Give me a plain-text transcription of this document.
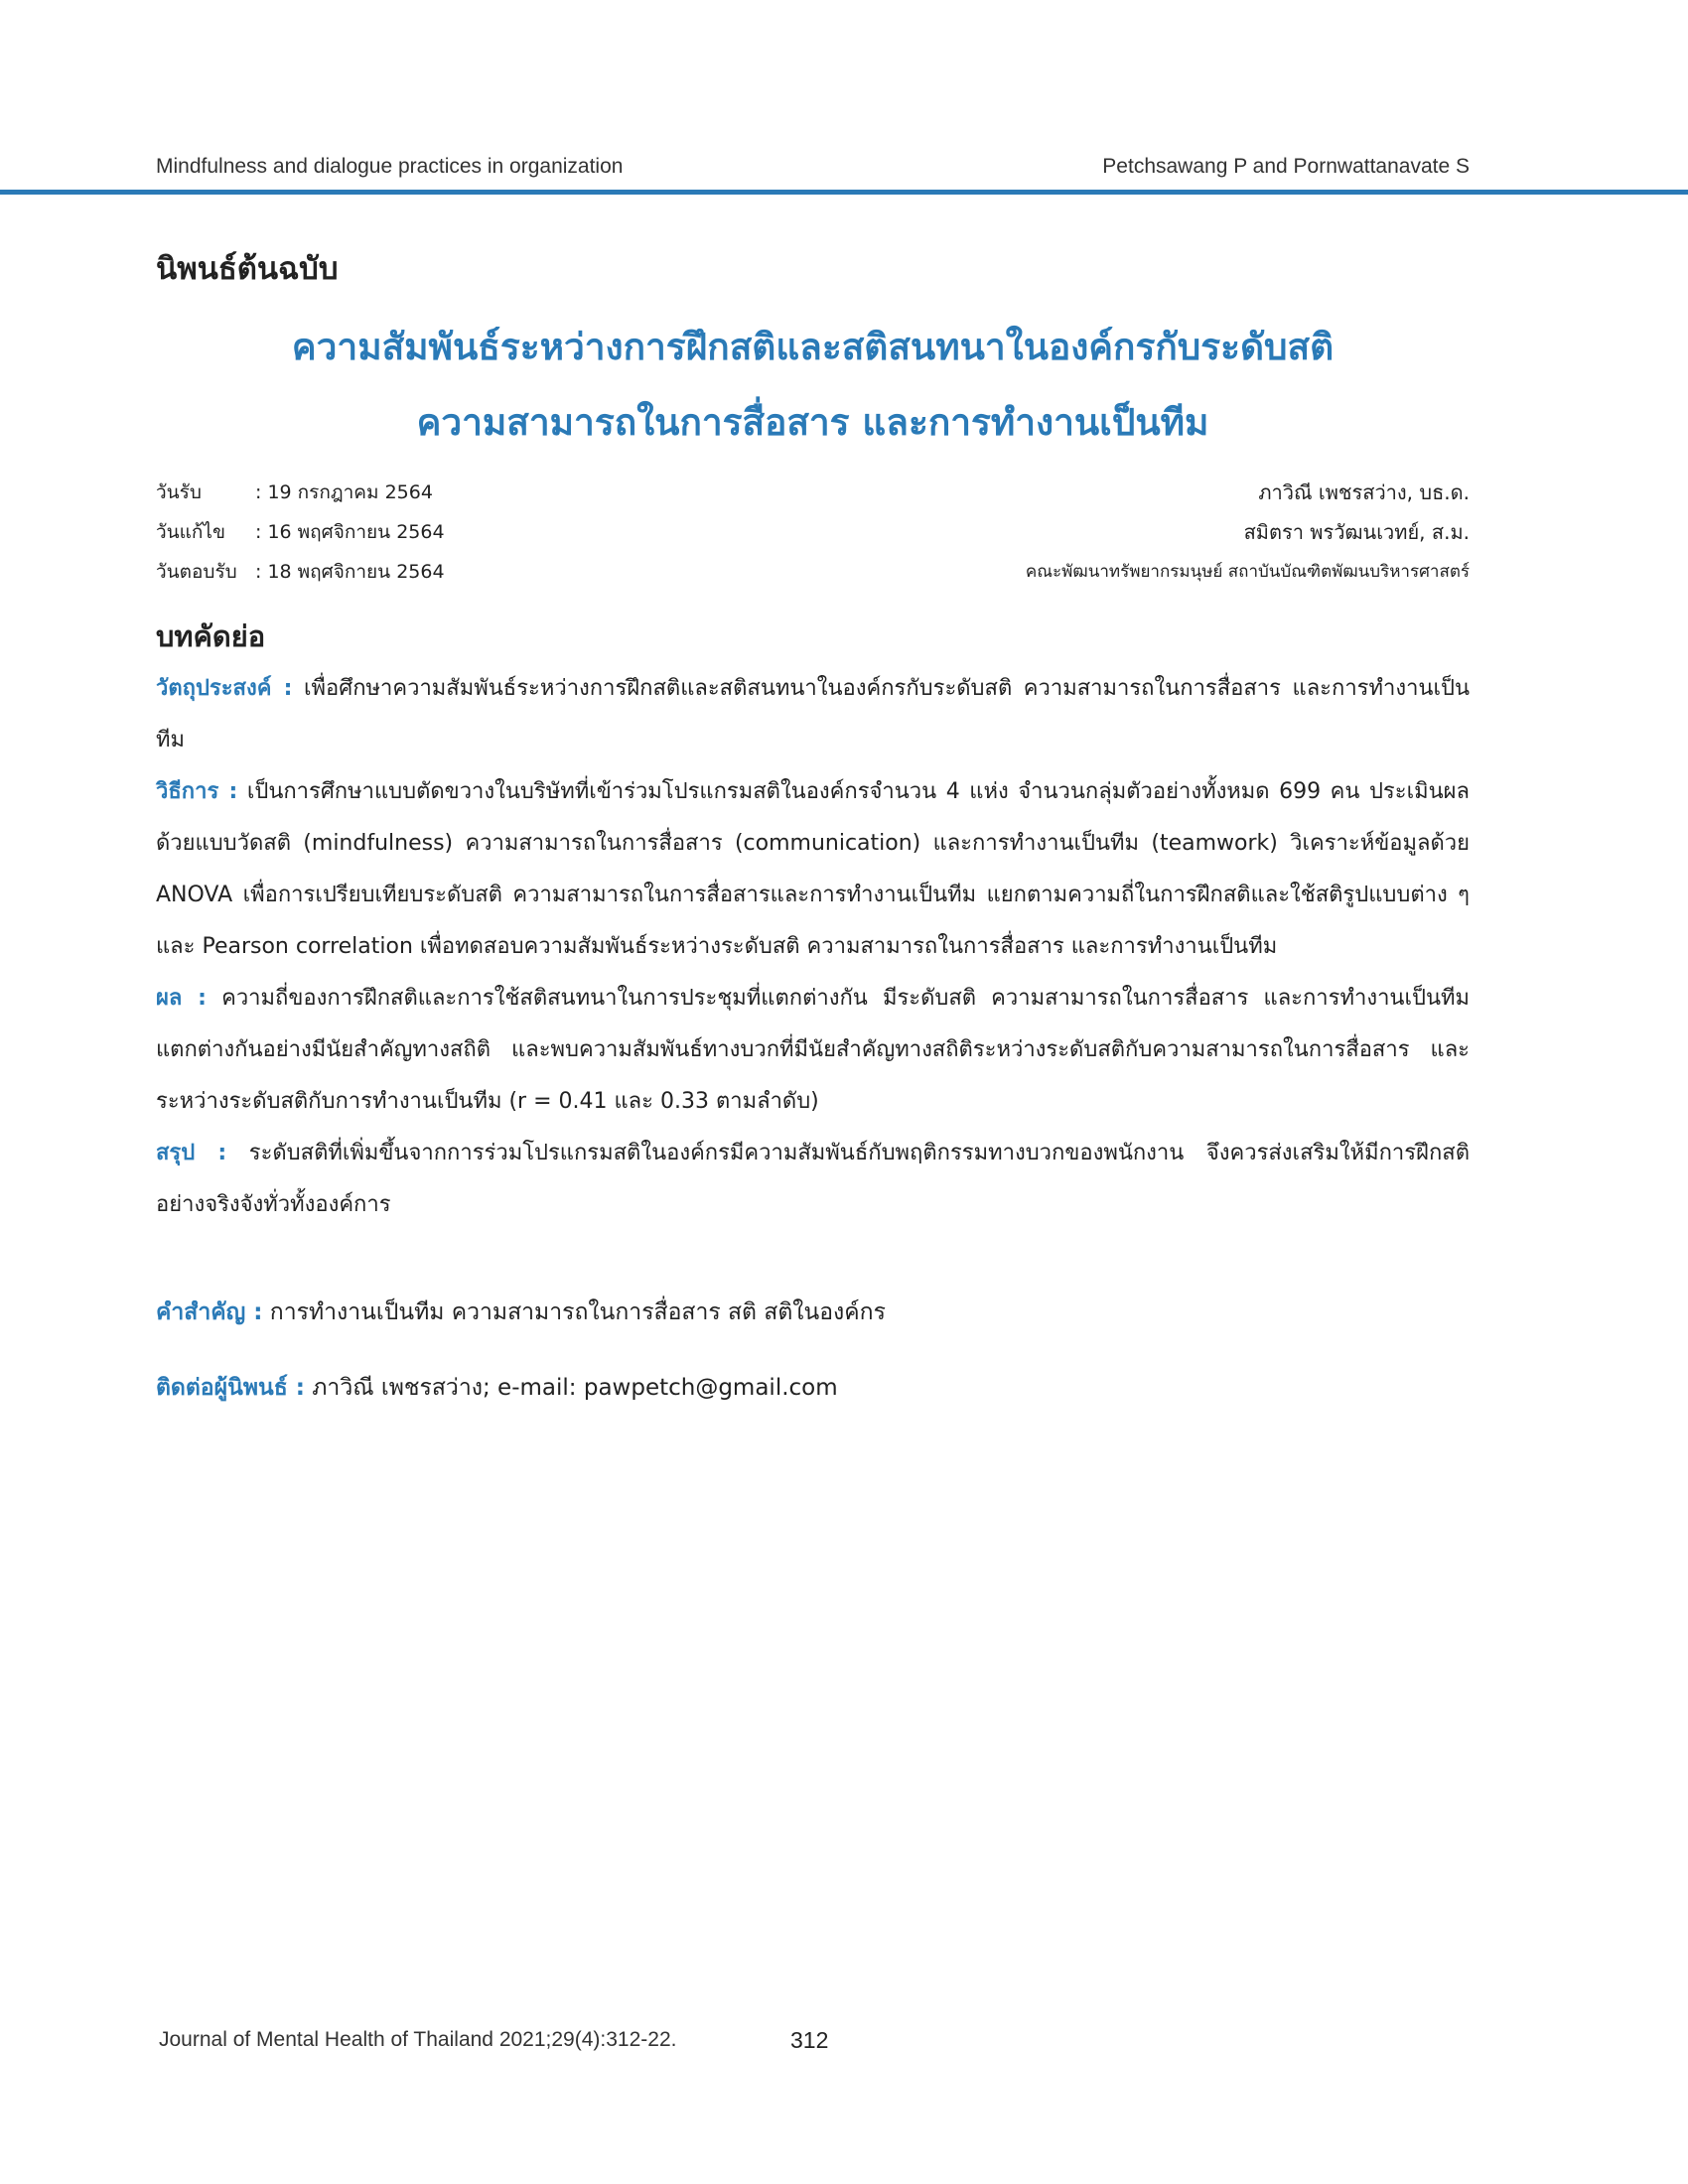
Mindfulness and dialogue practices in organization	Petchsawang P and Pornwattanavate S
นิพนธ์ต้นฉบับ
ความสัมพันธ์ระหว่างการฝึกสติและสติสนทนาในองค์กรกับระดับสติ
ความสามารถในการสื่อสาร และการทำงานเป็นทีม
วันรับ	: 19 กรกฎาคม 2564
วันแก้ไข : 16 พฤศจิกายน 2564
วันตอบรับ : 18 พฤศจิกายน 2564
ภาวิณี เพชรสว่าง, บธ.ด.
สมิตรา พรวัฒนเวทย์, ส.ม.
คณะพัฒนาทรัพยากรมนุษย์ สถาบันบัณฑิตพัฒนบริหารศาสตร์
บทคัดย่อ

วัตถุประสงค์ : เพื่อศึกษาความสัมพันธ์ระหว่างการฝึกสติและสติสนทนาในองค์กรกับระดับสติ ความสามารถในการสื่อสาร และการทำงานเป็นทีม

วิธีการ : เป็นการศึกษาแบบตัดขวางในบริษัทที่เข้าร่วมโปรแกรมสติในองค์กรจำนวน 4 แห่ง จำนวนกลุ่มตัวอย่างทั้งหมด 699 คน ประเมินผลด้วยแบบวัดสติ (mindfulness) ความสามารถในการสื่อสาร (communication) และการทำงานเป็นทีม (teamwork) วิเคราะห์ข้อมูลด้วย ANOVA เพื่อการเปรียบเทียบระดับสติ ความสามารถในการสื่อสารและการทำงานเป็นทีม แยกตามความถี่ในการฝึกสติและใช้สติรูปแบบต่าง ๆ และ Pearson correlation เพื่อทดสอบความสัมพันธ์ระหว่างระดับสติ ความสามารถในการสื่อสาร และการทำงานเป็นทีม

ผล : ความถี่ของการฝึกสติและการใช้สติสนทนาในการประชุมที่แตกต่างกัน มีระดับสติ ความสามารถในการสื่อสาร และการทำงานเป็นทีม แตกต่างกันอย่างมีนัยสำคัญทางสถิติ และพบความสัมพันธ์ทางบวกที่มีนัยสำคัญทางสถิติระหว่างระดับสติกับความสามารถในการสื่อสาร และระหว่างระดับสติกับการทำงานเป็นทีม (r = 0.41 และ 0.33 ตามลำดับ)

สรุป : ระดับสติที่เพิ่มขึ้นจากการร่วมโปรแกรมสติในองค์กรมีความสัมพันธ์กับพฤติกรรมทางบวกของพนักงาน จึงควรส่งเสริมให้มีการฝึกสติอย่างจริงจังทั่วทั้งองค์การ

คำสำคัญ : การทำงานเป็นทีม ความสามารถในการสื่อสาร สติ สติในองค์กร
ติดต่อผู้นิพนธ์ : ภาวิณี เพชรสว่าง; e-mail: pawpetch@gmail.com
Journal of Mental Health of Thailand 2021;29(4):312-22.	312
